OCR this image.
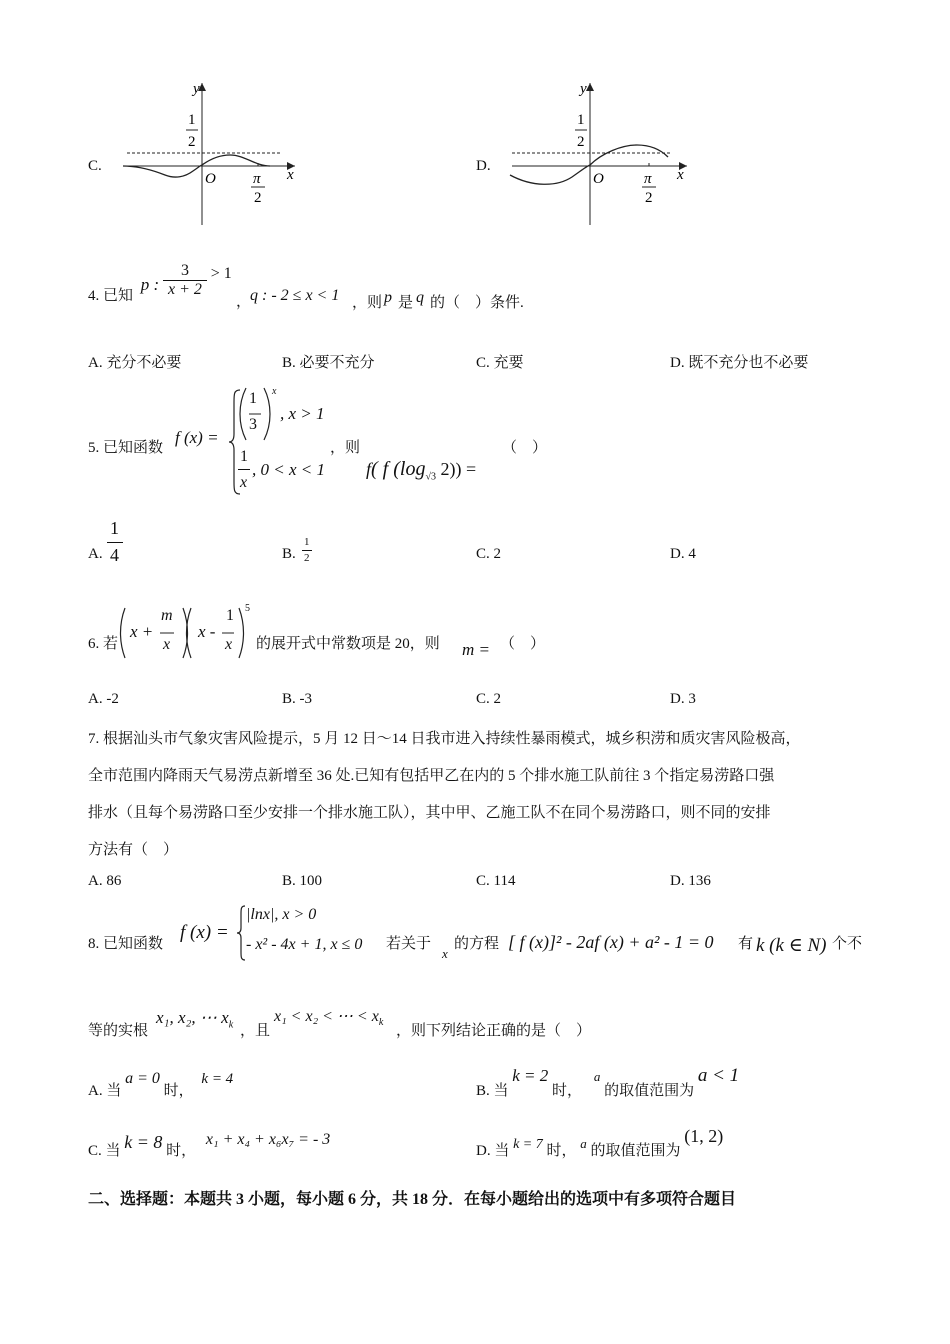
C.
y
1
2
O π
2
x
D.
y
1
2
O	π
2
x
4. 已知 p : $\frac{3}{x + 2} > 1$
，
q : - 2 ≤ x < 1 ，则 p 是 q 的（　）条件.
A. 充分不必要	B. 必要不充分	C. 充要	D. 既不充分也不必要
5. 已知函数
f (x) =
1
3
x
, x > 1
1
x
, 0 < x < 1
，则	（　）
f( f ($\log_{√3}$ 2)) =
A.
1
4	B.
1
2	C. 2	D. 4
6. 若
x +
m
x
x -
1
x
5
的展开式中常数项是 20，则 m = （　）
A. -2	B. -3	C. 2	D. 3
7. 根据汕头市气象灾害风险提示，5 月 12 日～14 日我市进入持续性暴雨模式，城乡积涝和质灾害风险极高，
全市范围内降雨天气易涝点新增至 36 处.已知有包括甲乙在内的 5 个排水施工队前往 3 个指定易涝路口强
排水（且每个易涝路口至少安排一个排水施工队），其中甲、乙施工队不在同个易涝路口，则不同的安排
方法有（　）
A. 86	B. 100	C. 114	D. 136
8. 已知函数
f (x) =
|lnx|, x > 0
- x² - 4x + 1, x ≤ 0 若关于
x
的方程 [ f (x)]² - 2af (x) + a² - 1 = 0 有 k (k ∈ N) 个不
等的实根
x₁, x₂, ⋯ $x_k$ ，且
x₁ < x₂ < ⋯ < $x_k$
，则下列结论正确的是（　）
A. 当 a = 0 时， k = 4
B. 当 k = 2 时， a 的取值范围为 a < 1
C. 当 k = 8 时， x₁ + x₄ + x₆x₇ = - 3
D. 当 k = 7 时， a 的取值范围为 (1, 2)
二、选择题：本题共 3 小题，每小题 6 分，共 18 分．在每小题给出的选项中有多项符合题目
